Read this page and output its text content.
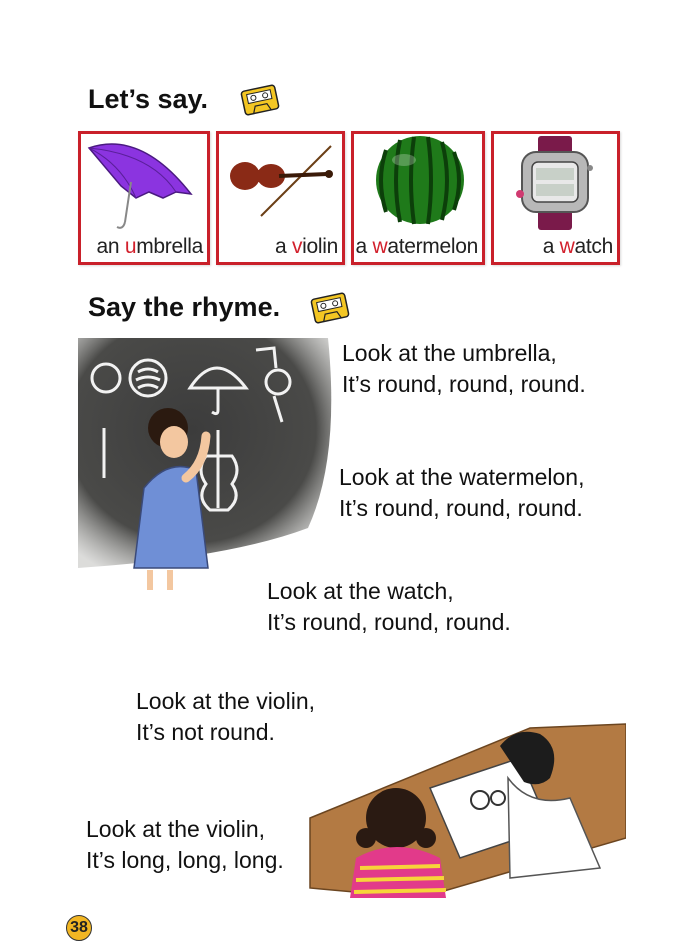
Let’s say.
an umbrella	a violin a watermelon	a watch
Say the rhyme.
Look at the umbrella,
It’s round, round, round.
Look at the watermelon,
It’s round, round, round.
Look at the watch,
It’s round, round, round.
Look at the violin,
It’s not round.
Look at the violin,
It’s long, long, long.
38
